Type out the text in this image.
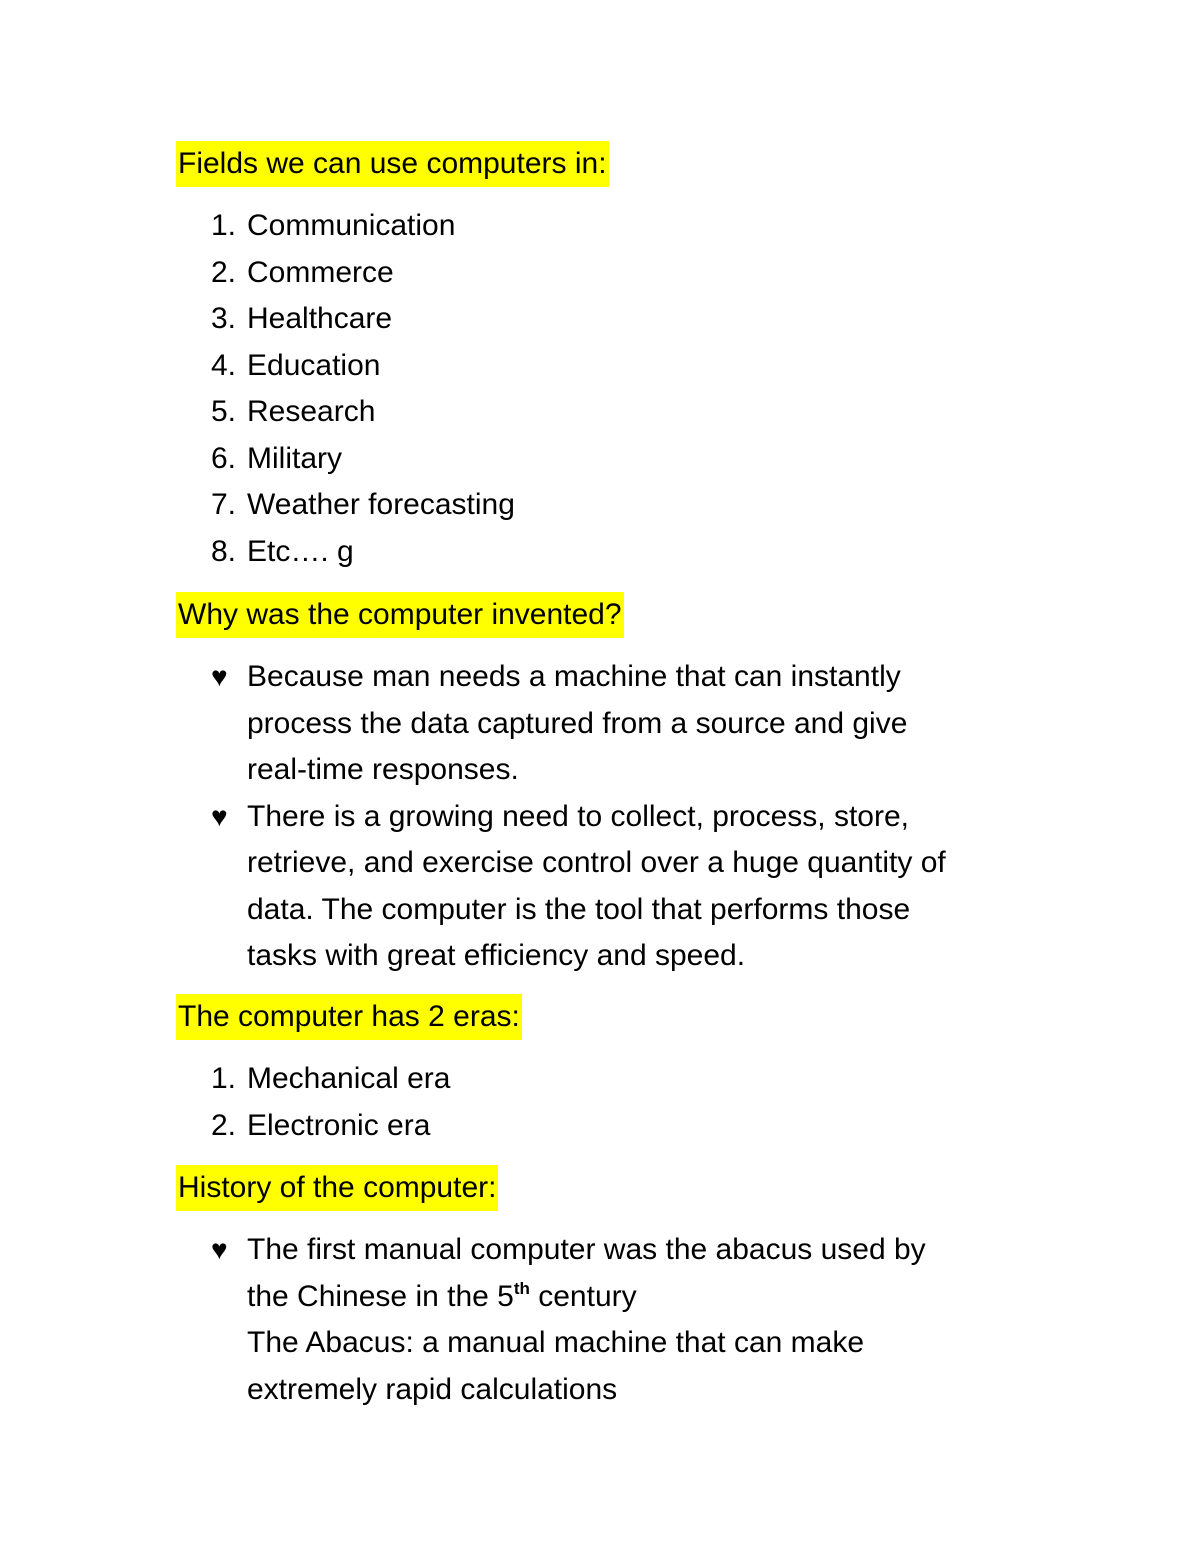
Fields we can use computers in:
1. Communication
2. Commerce
3. Healthcare
4. Education
5. Research
6. Military
7. Weather forecasting
8. Etc…. g
Why was the computer invented?
♥ Because man needs a machine that can instantly
process the data captured from a source and give
real-time responses.
♥ There is a growing need to collect, process, store,
retrieve, and exercise control over a huge quantity of
data. The computer is the tool that performs those
tasks with great efficiency and speed.
The computer has 2 eras:
1. Mechanical era
2. Electronic era
History of the computer:
♥ The first manual computer was the abacus used by
the Chinese in the 5th century
The Abacus: a manual machine that can make
extremely rapid calculations
